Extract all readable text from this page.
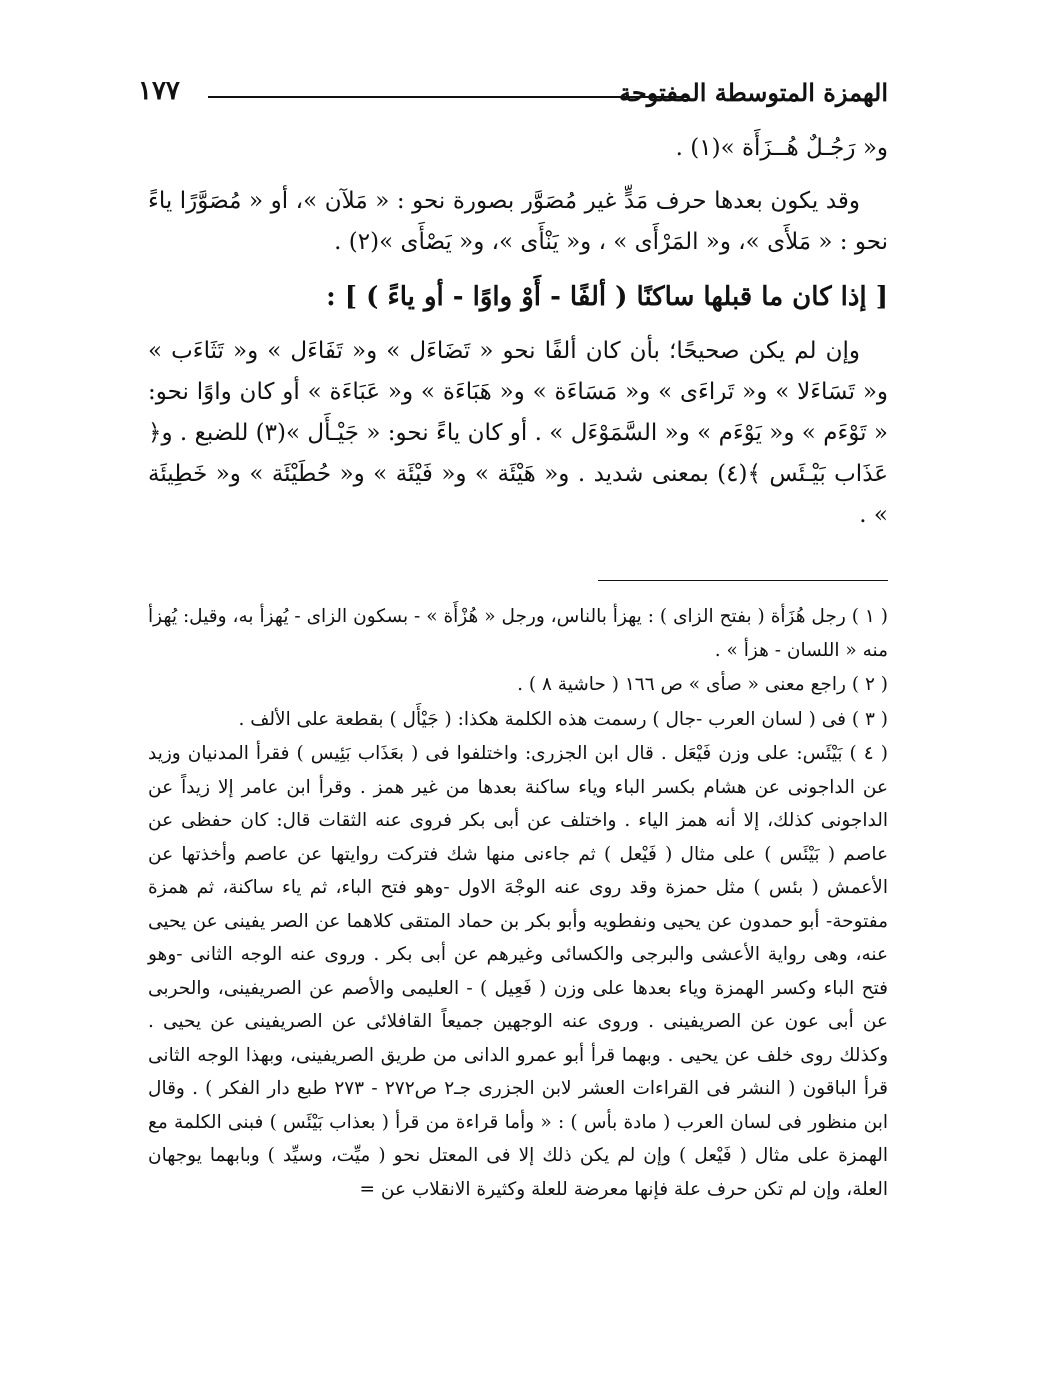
الهمزة المتوسطة المفتوحة
١٧٧

و« رَجُـلٌ هُــزَأَة »(١) .

وقد يكون بعدها حرف مَدٍّ غير مُصَوَّر بصورة نحو : « مَلآن »، أو « مُصَوَّرًا ياءً نحو : « مَلأَى »، و« المَرْأَى » ، و« يَنْأَى »، و« يَصْأَى »(٢) .

[ إذا كان ما قبلها ساكنًا ( ألفًا - أَوْ واوًا - أو ياءً ) ] :

وإن لم يكن صحيحًا؛ بأن كان ألفًا نحو « تَضَاءَل » و« تَفَاءَل » و« تَثَاءَب » و« تَسَاءَلا » و« تَراءَى » و« مَسَاءَة » و« هَبَاءَة » و« عَبَاءَة » أو كان واوًا نحو: « تَوْءَم » و« يَوْءَم » و« السَّمَوْءَل » . أو كان ياءً نحو: « جَيْـأَل »(٣) للضبع . و﴿ عَذَاب بَيْـئَس ﴾(٤) بمعنى شديد . و« هَيْئَة » و« فَيْئَة » و« حُطَيْئَة » و« خَطِيئَة » .

( ١ ) رجل هُزَأة ( بفتح الزاى ) : يهزأ بالناس، ورجل « هُزْأَة » - بسكون الزاى - يُهزأ به، وقيل: يُهزأ منه « اللسان - هزأ » .
( ٢ ) راجع معنى « صأى » ص ١٦٦ ( حاشية ٨ ) .
( ٣ ) فى ( لسان العرب -جال ) رسمت هذه الكلمة هكذا: ( جَيْأَل ) بقطعة على الألف .
( ٤ ) بَيْئَس: على وزن فَيْعَل . قال ابن الجزرى: واختلفوا فى ( بعَذَاب بَئِيس ) فقرأ المدنيان وزيد عن الداجونى عن هشام بكسر الباء وياء ساكنة بعدها من غير همز . وقرأ ابن عامر إلا زيداً عن الداجونى كذلك، إلا أنه همز الياء . واختلف عن أبى بكر فروى عنه الثقات قال: كان حفظى عن عاصم ( بَيْئَس ) على مثال ( فَيْعل ) ثم جاءنى منها شك فتركت روايتها عن عاصم وأخذتها عن الأعمش ( بئس ) مثل حمزة وقد روى عنه الوجْهَ الاول -وهو فتح الباء، ثم ياء ساكنة، ثم همزة مفتوحة- أبو حمدون عن يحيى ونفطويه وأبو بكر بن حماد المتقى كلاهما عن الصر يفينى عن يحيى عنه، وهى رواية الأعشى والبرجى والكسائى وغيرهم عن أبى بكر . وروى عنه الوجه الثانى -وهو فتح الباء وكسر الهمزة وياء بعدها على وزن ( فَعِيل ) - العليمى والأصم عن الصريفينى، والحربى عن أبى عون عن الصريفينى . وروى عنه الوجهين جميعاً القافلائى عن الصريفينى عن يحيى . وكذلك روى خلف عن يحيى . وبهما قرأ أبو عمرو الدانى من طريق الصريفينى، وبهذا الوجه الثانى قرأ الباقون ( النشر فى القراءات العشر لابن الجزرى جـ٢ ص٢٧٢ - ٢٧٣ طبع دار الفكر ) . وقال ابن منظور فى لسان العرب ( مادة بأس ) : « وأما قراءة من قرأ ( بعذاب بَيْئَس ) فبنى الكلمة مع الهمزة على مثال ( فَيْعل ) وإن لم يكن ذلك إلا فى المعتل نحو ( ميِّت، وسيِّد ) وبابهما يوجهان العلة، وإن لم تكن حرف علة فإنها معرضة للعلة وكثيرة الانقلاب عن =
